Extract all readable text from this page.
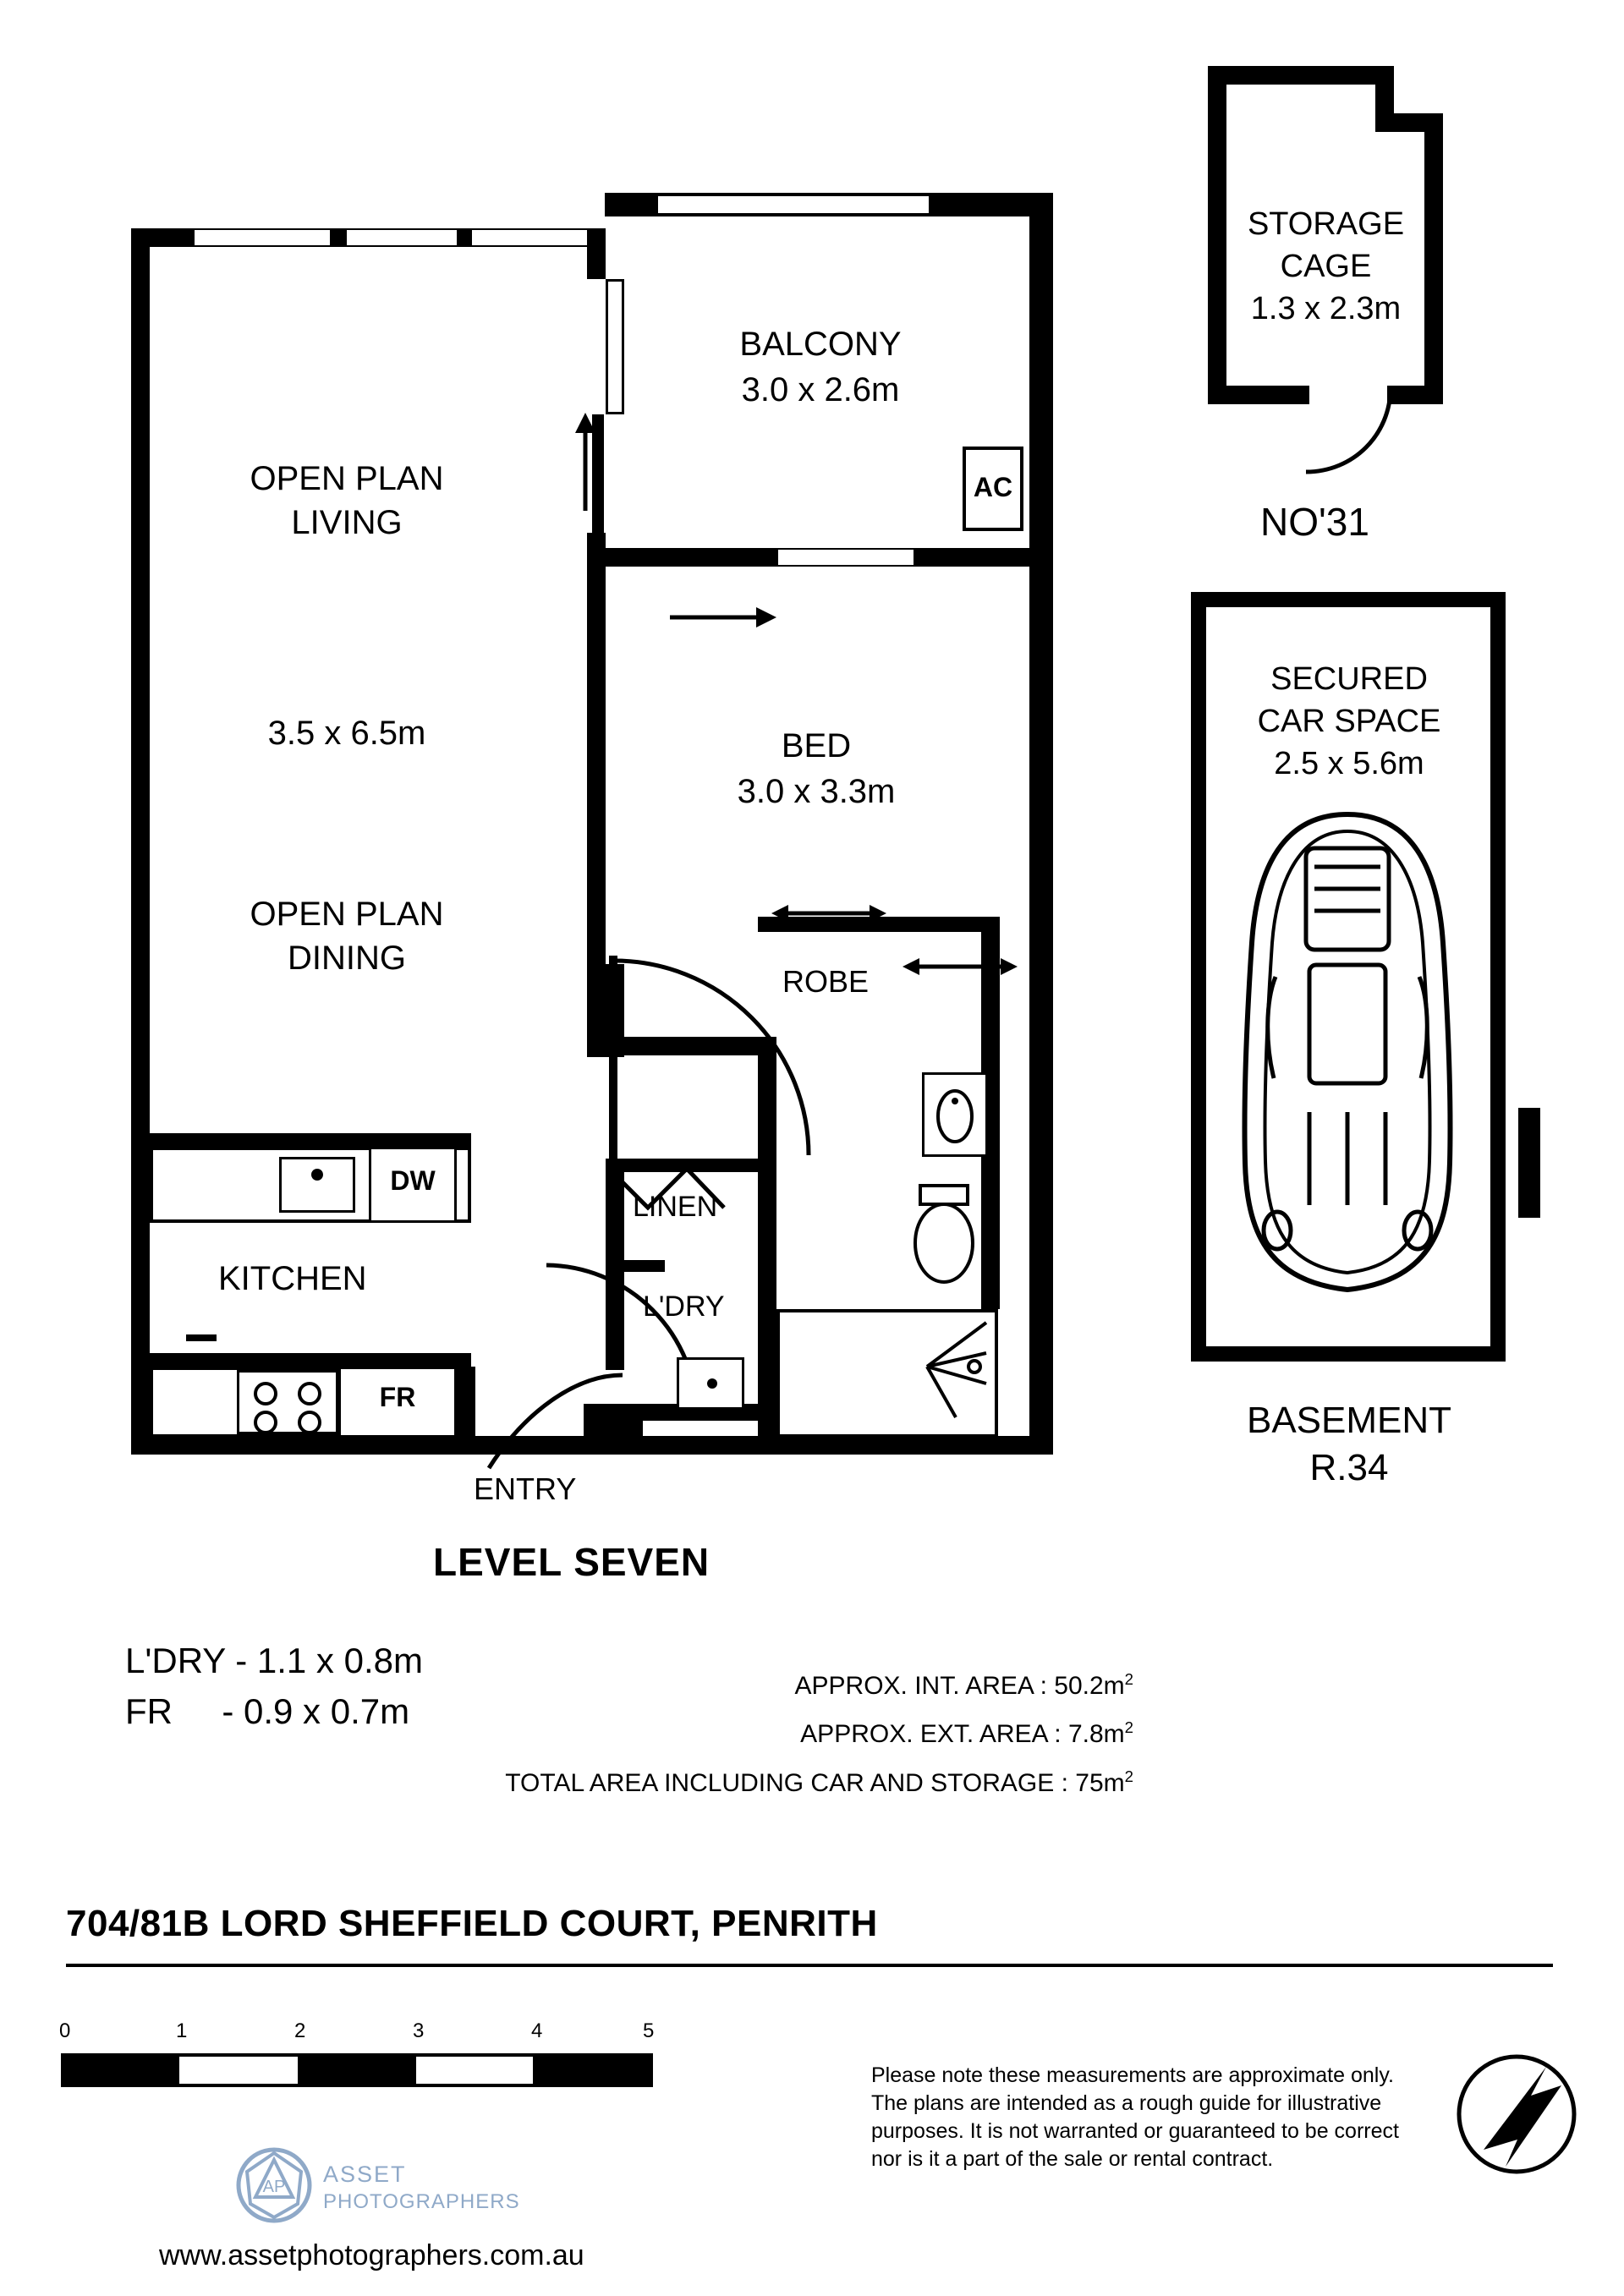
DW
FR
AC
OPEN PLAN
LIVING
3.5 x 6.5m
OPEN PLAN
DINING
BALCONY
3.0 x 2.6m
BED
3.0 x 3.3m
ROBE
KITCHEN
LINEN
L'DRY
ENTRY
LEVEL SEVEN
L'DRY - 1.1 x 0.8m
FR     - 0.9 x 0.7m
STORAGE
CAGE
1.3 x 2.3m
NO'31
SECURED
CAR SPACE
2.5 x 5.6m
BASEMENT
R.34
APPROX. INT. AREA : $50.2m^2$
APPROX. EXT. AREA : $7.8m^2$
TOTAL AREA INCLUDING CAR AND STORAGE : $75m^2$
704/81B LORD SHEFFIELD COURT, PENRITH
0	1	2	3	4	5
Please note these measurements are approximate only.
The plans are intended as a rough guide for illustrative
purposes. It is not warranted or guaranteed to be correct
nor is it a part of the sale or rental contract.
AP ASSET
PHOTOGRAPHERS
www.assetphotographers.com.au
